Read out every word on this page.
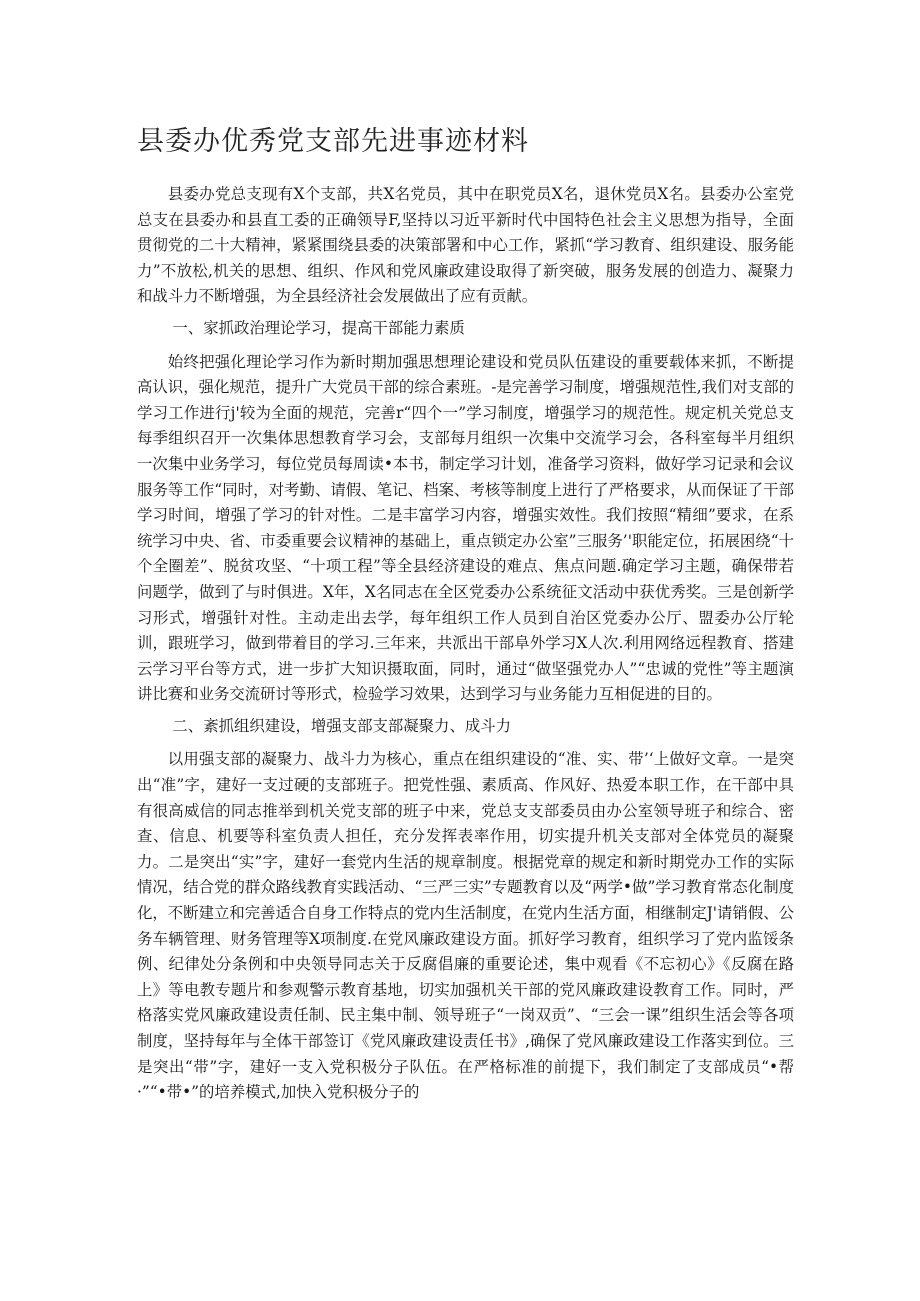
县委办优秀党支部先进事迹材料

县委办党总支现有X个支部，共X名党员，其中在职党员X名，退休党员X名。县委办公室党总支在县委办和县直工委的正确领导F,坚持以习近平新时代中国特色社会主义思想为指导，全面贯彻党的二十大精神，紧紧围绕县委的决策部署和中心工作，紧抓“学习教育、组织建设、服务能力”不放松,机关的思想、组织、作风和党风廉政建设取得了新突破，服务发展的创造力、凝聚力和战斗力不断增强，为全县经济社会发展做出了应有贡献。

一、家抓政治理论学习，提高干部能力素质

始终把强化理论学习作为新时期加强思想理论建设和党员队伍建设的重要载体来抓，不断提高认识，强化规范，提升广大党员干部的综合素班。-是完善学习制度，增强规范性,我们对支部的学习工作进行j'较为全面的规范，完善r“四个一”学习制度，增强学习的规范性。规定机关党总支每季组织召开一次集体思想教育学习会，支部每月组织一次集中交流学习会，各科室每半月组织一次集中业务学习，每位党员每周读•本书，制定学习计划，准备学习资料，做好学习记录和会议服务等工作“同时，对考勤、请假、笔记、档案、考核等制度上进行了严格要求，从而保证了干部学习时间，增强了学习的针对性。二是丰富学习内容，增强实效性。我们按照“精细”要求，在系统学习中央、省、市委重要会议精神的基础上，重点锁定办公室”三服务’'职能定位，拓展困绕“十个全圈差”、脱贫攻坚、“十项工程”等全县经济建设的难点、焦点问题.确定学习主题，确保带若问题学，做到了与时俱进。X年，X名同志在全区党委办公系统征文活动中获优秀奖。三是创新学习形式，增强针对性。主动走出去学，每年组织工作人员到自治区党委办公厅、盟委办公厅轮训，跟班学习，做到带着目的学习.三年来，共派出干部阜外学习X人次.利用网络远程教育、搭建云学习平台等方式，进一步扩大知识摄取面，同时，通过“做坚强党办人”“忠诚的党性”等主题演讲比赛和业务交流研讨等形式，检验学习效果，达到学习与业务能力互相促进的目的。

二、紊抓组织建设，增强支部支部凝聚力、成斗力

以用强支部的凝聚力、战斗力为核心，重点在组织建设的“准、实、带’‘上做好文章。一是突出“准”字，建好一支过硬的支部班子。把党性强、素质高、作风好、热爱本职工作，在干部中具有很高威信的同志推举到机关党支部的班子中来，党总支支部委员由办公室领导班子和综合、密查、信息、机要等科室负责人担任，充分发挥表率作用，切实提升机关支部对全体党员的凝聚力。二是突出“实”字，建好一套党内生活的规章制度。根据党章的规定和新时期党办工作的实际情况，结合党的群众路线教育实践活动、“三严三实”专题教育以及“两学•做”学习教育常态化制度化，不断建立和完善适合自身工作特点的党内生活制度，在党内生活方面，相继制定J'请销假、公务车辆管理、财务管理等X项制度.在党风廉政建设方面。抓好学习教育，组织学习了党内监馁条例、纪律处分条例和中央领导同志关于反腐倡廉的重要论述，集中观看《不忘初心》《反腐在路上》等电教专题片和参观警示教育基地，切实加强机关干部的党风廉政建设教育工作。同时，严格落实党风廉政建设责任制、民主集中制、领导班子“一岗双贡”、“三会一课”组织生活会等各项制度，坚持每年与全体干部签订《党风廉政建设责任书》,确保了党风廉政建设工作落实到位。三是突出“带”字，建好一支入党积极分子队伍。在严格标准的前提下，我们制定了支部成员“•帮·”“•带•”的培养模式,加快入党积极分子的
